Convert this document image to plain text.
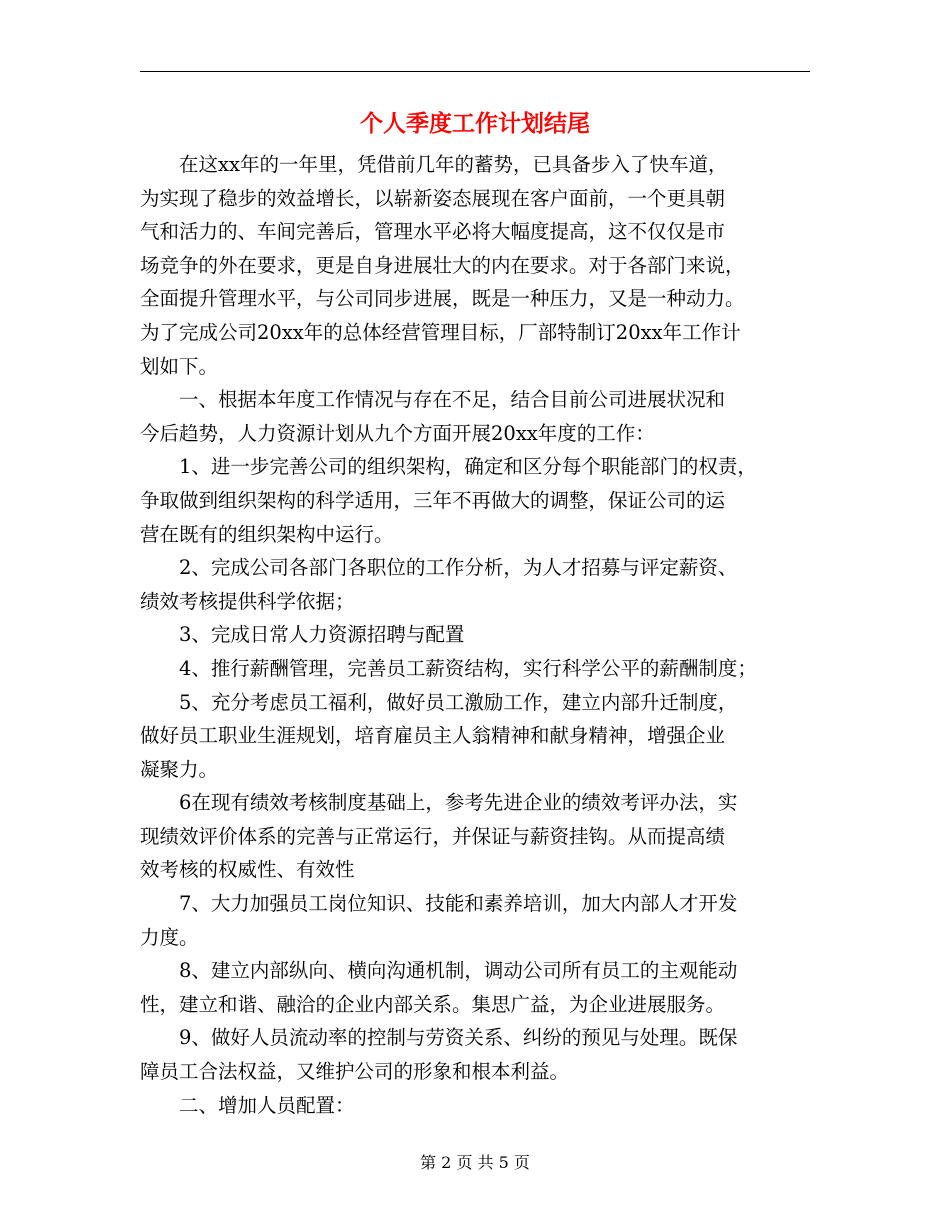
个人季度工作计划结尾

在这xx年的一年里，凭借前几年的蓄势，已具备步入了快车道，
为实现了稳步的效益增长，以崭新姿态展现在客户面前，一个更具朝
气和活力的、车间完善后，管理水平必将大幅度提高，这不仅仅是市
场竞争的外在要求，更是自身进展壮大的内在要求。对于各部门来说，
全面提升管理水平，与公司同步进展，既是一种压力，又是一种动力。
为了完成公司20xx年的总体经营管理目标，厂部特制订20xx年工作计
划如下。

一、根据本年度工作情况与存在不足，结合目前公司进展状况和
今后趋势，人力资源计划从九个方面开展20xx年度的工作：

1、进一步完善公司的组织架构，确定和区分每个职能部门的权责，
争取做到组织架构的科学适用，三年不再做大的调整，保证公司的运
营在既有的组织架构中运行。

2、完成公司各部门各职位的工作分析，为人才招募与评定薪资、
绩效考核提供科学依据；

3、完成日常人力资源招聘与配置

4、推行薪酬管理，完善员工薪资结构，实行科学公平的薪酬制度；

5、充分考虑员工福利，做好员工激励工作，建立内部升迁制度，
做好员工职业生涯规划，培育雇员主人翁精神和献身精神，增强企业
凝聚力。

6在现有绩效考核制度基础上，参考先进企业的绩效考评办法，实
现绩效评价体系的完善与正常运行，并保证与薪资挂钩。从而提高绩
效考核的权威性、有效性

7、大力加强员工岗位知识、技能和素养培训，加大内部人才开发
力度。

8、建立内部纵向、横向沟通机制，调动公司所有员工的主观能动
性，建立和谐、融洽的企业内部关系。集思广益，为企业进展服务。

9、做好人员流动率的控制与劳资关系、纠纷的预见与处理。既保
障员工合法权益，又维护公司的形象和根本利益。

二、增加人员配置：

第 2 页 共 5 页
